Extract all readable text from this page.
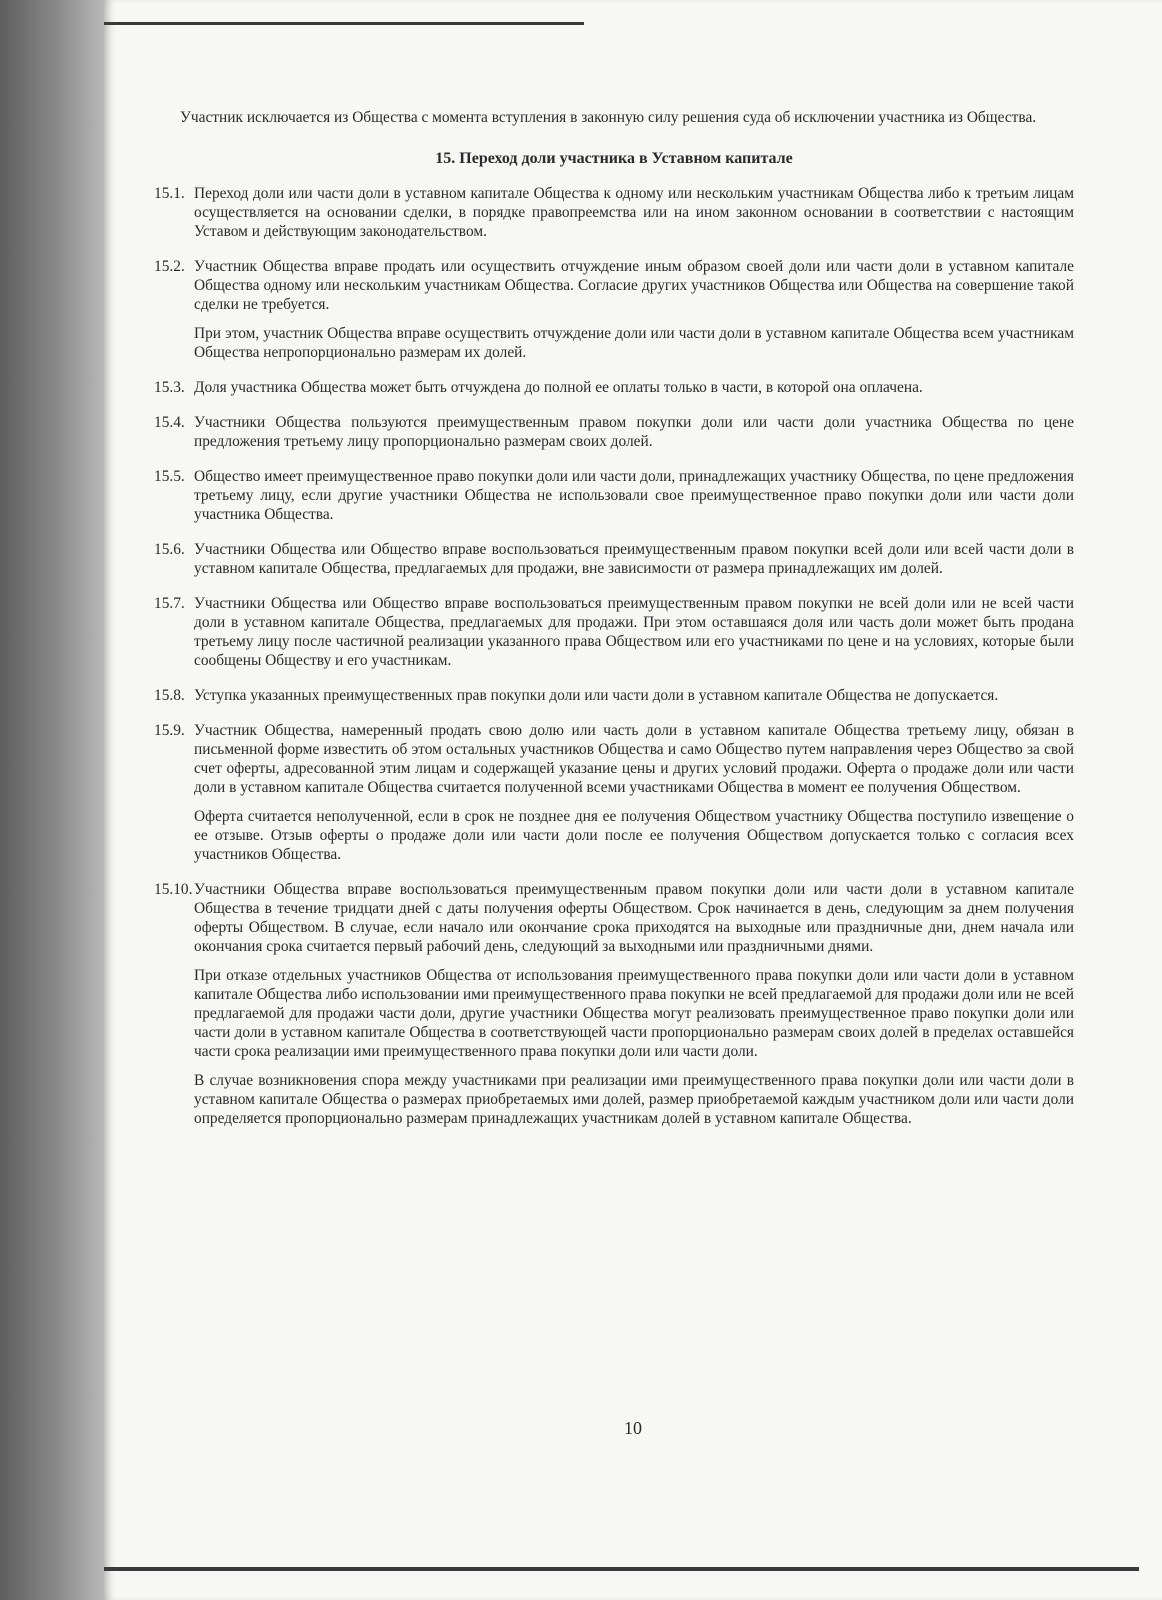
Участник исключается из Общества с момента вступления в законную силу решения суда об исключении участника из Общества.

15. Переход доли участника в Уставном капитале
15.1. Переход доли или части доли в уставном капитале Общества к одному или нескольким участникам Общества либо к третьим лицам осуществляется на основании сделки, в порядке правопреемства или на ином законном основании в соответствии с настоящим Уставом и действующим законодательством.

15.2. Участник Общества вправе продать или осуществить отчуждение иным образом своей доли или части доли в уставном капитале Общества одному или нескольким участникам Общества. Согласие других участников Общества или Общества на совершение такой сделки не требуется.

При этом, участник Общества вправе осуществить отчуждение доли или части доли в уставном капитале Общества всем участникам Общества непропорционально размерам их долей.

15.3. Доля участника Общества может быть отчуждена до полной ее оплаты только в части, в которой она оплачена.

15.4. Участники Общества пользуются преимущественным правом покупки доли или части доли участника Общества по цене предложения третьему лицу пропорционально размерам своих долей.

15.5. Общество имеет преимущественное право покупки доли или части доли, принадлежащих участнику Общества, по цене предложения третьему лицу, если другие участники Общества не использовали свое преимущественное право покупки доли или части доли участника Общества.

15.6. Участники Общества или Общество вправе воспользоваться преимущественным правом покупки всей доли или всей части доли в уставном капитале Общества, предлагаемых для продажи, вне зависимости от размера принадлежащих им долей.

15.7. Участники Общества или Общество вправе воспользоваться преимущественным правом покупки не всей доли или не всей части доли в уставном капитале Общества, предлагаемых для продажи. При этом оставшаяся доля или часть доли может быть продана третьему лицу после частичной реализации указанного права Обществом или его участниками по цене и на условиях, которые были сообщены Обществу и его участникам.

15.8. Уступка указанных преимущественных прав покупки доли или части доли в уставном капитале Общества не допускается.

15.9. Участник Общества, намеренный продать свою долю или часть доли в уставном капитале Общества третьему лицу, обязан в письменной форме известить об этом остальных участников Общества и само Общество путем направления через Общество за свой счет оферты, адресованной этим лицам и содержащей указание цены и других условий продажи. Оферта о продаже доли или части доли в уставном капитале Общества считается полученной всеми участниками Общества в момент ее получения Обществом.

Оферта считается неполученной, если в срок не позднее дня ее получения Обществом участнику Общества поступило извещение о ее отзыве. Отзыв оферты о продаже доли или части доли после ее получения Обществом допускается только с согласия всех участников Общества.

15.10. Участники Общества вправе воспользоваться преимущественным правом покупки доли или части доли в уставном капитале Общества в течение тридцати дней с даты получения оферты Обществом. Срок начинается в день, следующим за днем получения оферты Обществом. В случае, если начало или окончание срока приходятся на выходные или праздничные дни, днем начала или окончания срока считается первый рабочий день, следующий за выходными или праздничными днями.

При отказе отдельных участников Общества от использования преимущественного права покупки доли или части доли в уставном капитале Общества либо использовании ими преимущественного права покупки не всей предлагаемой для продажи доли или не всей предлагаемой для продажи части доли, другие участники Общества могут реализовать преимущественное право покупки доли или части доли в уставном капитале Общества в соответствующей части пропорционально размерам своих долей в пределах оставшейся части срока реализации ими преимущественного права покупки доли или части доли.

В случае возникновения спора между участниками при реализации ими преимущественного права покупки доли или части доли в уставном капитале Общества о размерах приобретаемых ими долей, размер приобретаемой каждым участником доли или части доли определяется пропорционально размерам принадлежащих участникам долей в уставном капитале Общества.

10
